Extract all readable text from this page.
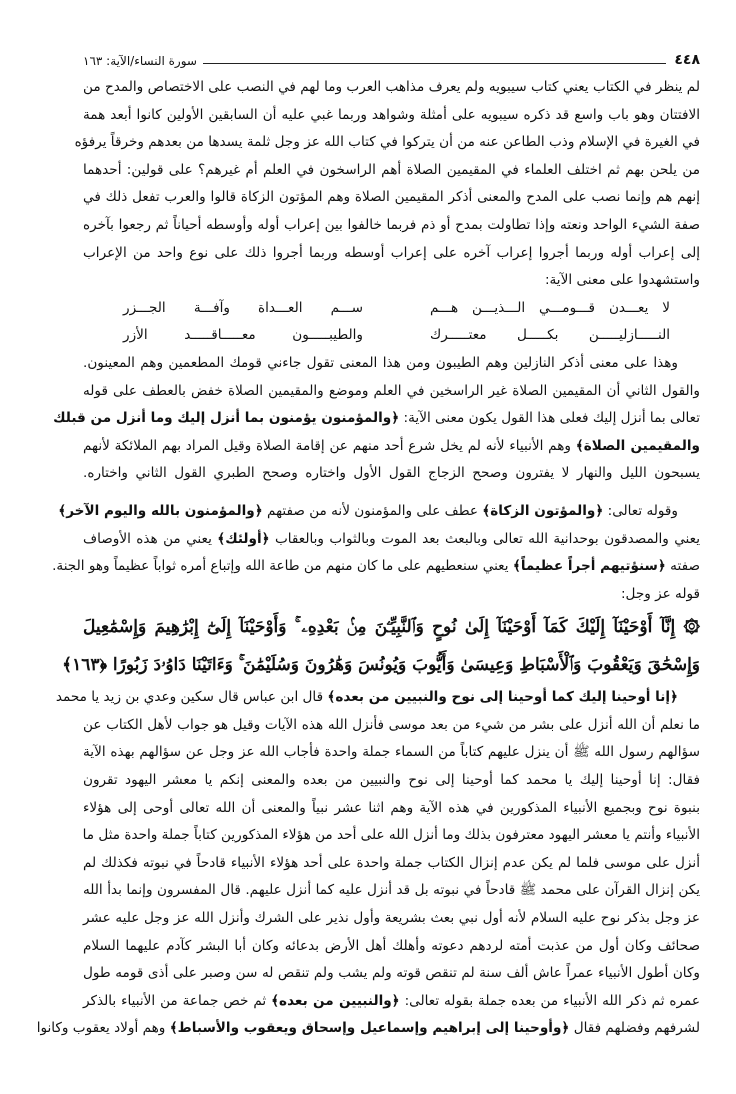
٤٤٨
سورة النساء/الآية: ١٦٣
لم ينظر في الكتاب يعني كتاب سيبويه ولم يعرف مذاهب العرب وما لهم في النصب على الاختصاص والمدح من
الافتتان وهو باب واسع قد ذكره سيبويه على أمثلة وشواهد وربما غبي عليه أن السابقين الأولين كانوا أبعد همة
في الغيرة في الإسلام وذب الطاعن عنه من أن يتركوا في كتاب الله عز وجل ثلمة يسدها من بعدهم وخرقاً يرفؤه
من يلحن بهم ثم اختلف العلماء في المقيمين الصلاة أهم الراسخون في العلم أم غيرهم؟ على قولين: أحدهما
إنهم هم وإنما نصب على المدح والمعنى أذكر المقيمين الصلاة وهم المؤتون الزكاة قالوا والعرب تفعل ذلك في
صفة الشيء الواحد ونعته وإذا تطاولت بمدح أو ذم فربما خالفوا بين إعراب أوله وأوسطه أحياناً ثم رجعوا بآخره
إلى إعراب أوله وربما أجروا إعراب آخره على إعراب أوسطه وربما أجروا ذلك على نوع واحد من الإعراب
واستشهدوا على معنى الآية:
لا يعـــدن قـــومـــي الـــذيـــن هـــم
ســـم العـــداة وآفـــة الجـــزر
النـــــازليـــــن بكـــــل معتـــــرك
والطيبـــــون معـــــاقـــــد الأزر
وهذا على معنى أذكر النازلين وهم الطيبون ومن هذا المعنى تقول جاءني قومك المطعمين وهم المعينون.
والقول الثاني أن المقيمين الصلاة غير الراسخين في العلم وموضع والمقيمين الصلاة خفض بالعطف على قوله
تعالى بما أنزل إليك فعلى هذا القول يكون معنى الآية: ﴿والمؤمنون يؤمنون بما أنزل إليك وما أنزل من قبلك
والمقيمين الصلاة﴾ وهم الأنبياء لأنه لم يخل شرع أحد منهم عن إقامة الصلاة وقيل المراد بهم الملائكة لأنهم
يسبحون الليل والنهار لا يفترون وصحح الزجاج القول الأول واختاره وصحح الطبري القول الثاني واختاره.
وقوله تعالى: ﴿والمؤتون الزكاة﴾ عطف على والمؤمنون لأنه من صفتهم ﴿والمؤمنون بالله واليوم الآخر﴾
يعني والمصدقون بوحدانية الله تعالى وبالبعث بعد الموت وبالثواب وبالعقاب ﴿أولئك﴾ يعني من هذه الأوصاف
صفته ﴿سنؤتيهم أجراً عظيماً﴾ يعني سنعطيهم على ما كان منهم من طاعة الله وإتباع أمره ثواباً عظيماً وهو الجنة.
قوله عز وجل:
۞ إِنَّآ أَوْحَيْنَآ إِلَيْكَ كَمَآ أَوْحَيْنَآ إِلَىٰ نُوحٍ وَٱلنَّبِيِّـۧنَ مِنۢ بَعْدِهِۦ ۚ وَأَوْحَيْنَآ إِلَىٰٓ إِبْرَٰهِيمَ وَإِسْمَٰعِيلَ
وَإِسْحَٰقَ وَيَعْقُوبَ وَٱلْأَسْبَاطِ وَعِيسَىٰ وَأَيُّوبَ وَيُونُسَ وَهَٰرُونَ وَسُلَيْمَٰنَ ۚ وَءَاتَيْنَا دَاوُۥدَ زَبُورًا ﴿١٦٣﴾
﴿إنا أوحينا إليك كما أوحينا إلى نوح والنبيين من بعده﴾ قال ابن عباس قال سكين وعدي بن زيد يا محمد
ما نعلم أن الله أنزل على بشر من شيء من بعد موسى فأنزل الله هذه الآيات وقيل هو جواب لأهل الكتاب عن
سؤالهم رسول الله ﷺ أن ينزل عليهم كتاباً من السماء جملة واحدة فأجاب الله عز وجل عن سؤالهم بهذه الآية
فقال: إنا أوحينا إليك يا محمد كما أوحينا إلى نوح والنبيين من بعده والمعنى إنكم يا معشر اليهود تقرون
بنبوة نوح وبجميع الأنبياء المذكورين في هذه الآية وهم اثنا عشر نبياً والمعنى أن الله تعالى أوحى إلى هؤلاء
الأنبياء وأنتم يا معشر اليهود معترفون بذلك وما أنزل الله على أحد من هؤلاء المذكورين كتاباً جملة واحدة مثل ما
أنزل على موسى فلما لم يكن عدم إنزال الكتاب جملة واحدة على أحد هؤلاء الأنبياء قادحاً في نبوته فكذلك لم
يكن إنزال القرآن على محمد ﷺ قادحاً في نبوته بل قد أنزل عليه كما أنزل عليهم. قال المفسرون وإنما بدأ الله
عز وجل بذكر نوح عليه السلام لأنه أول نبي بعث بشريعة وأول نذير على الشرك وأنزل الله عز وجل عليه عشر
صحائف وكان أول من عذبت أمته لردهم دعوته وأهلك أهل الأرض بدعائه وكان أبا البشر كآدم عليهما السلام
وكان أطول الأنبياء عمراً عاش ألف سنة لم تنقص قوته ولم يشب ولم تنقص له سن وصبر على أذى قومه طول
عمره ثم ذكر الله الأنبياء من بعده جملة بقوله تعالى: ﴿والنبيين من بعده﴾ ثم خص جماعة من الأنبياء بالذكر
لشرفهم وفضلهم فقال ﴿وأوحينا إلى إبراهيم وإسماعيل وإسحاق ويعقوب والأسباط﴾ وهم أولاد يعقوب وكانوا
